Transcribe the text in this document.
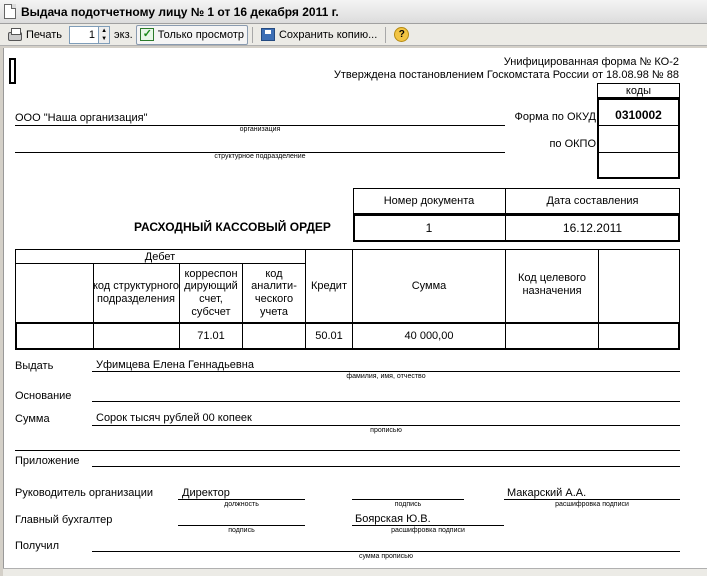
Выдача подотчетному лицу № 1 от 16 декабря 2011 г.
Печать	1	▲
▼ экз.
✓ Только просмотр	Сохранить копию...	?
Унифицированная форма № КО-2
Утверждена постановлением Госкомстата России от 18.08.98 № 88
коды
0310002
Форма по ОКУД
по ОКПО
ООО "Наша организация"
организация
структурное подразделение
Номер документа	Дата составления
1	16.12.2011
РАСХОДНЫЙ КАССОВЫЙ ОРДЕР
Дебет
код структурного подразделения
корреспон дирующий счет, субсчет
код аналити-ческого учета
Кредит	Сумма
Код целевого назначения
71.01	50.01	40 000,00
Выдать	Уфимцева Елена Геннадьевна
фамилия, имя, отчество
Основание
Сумма	Сорок тысяч рублей 00 копеек
прописью
Приложение
Руководитель организации	Директор
должность	подпись
Макарский А.А.
расшифровка подписи
Главный бухгалтер
подпись
Боярская Ю.В.
расшифровка подписи
Получил
сумма прописью
